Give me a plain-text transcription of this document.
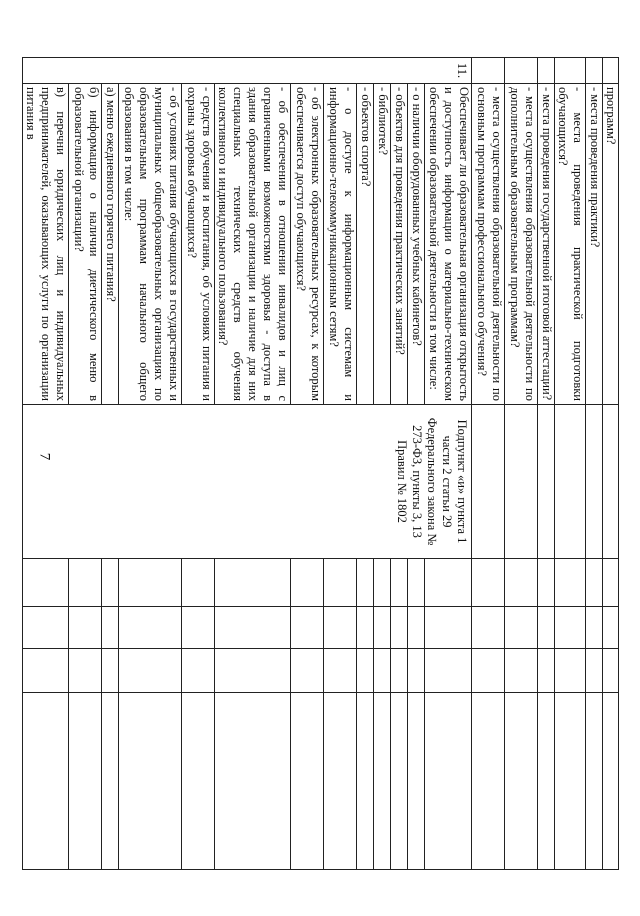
7
	программ?					
	- места проведения практики?					
	- места проведения практической подготовки обучающихся?					
	- места проведения государственной итоговой аттестации?					
	- места осуществления образовательной деятельности по дополнительным образовательным программам?					
	- места осуществления образовательной деятельности по основным программам профессионального обучения?					
11.	Обеспечивает ли образовательная организация открытость и доступность информации о материально-техническом обеспечении образовательной деятельности в том числе:	Подпункт «и» пункта 1 части 2 статьи 29 Федерального закона № 273-ФЗ, пункты 3, 13 Правил № 1802				
	- о наличии оборудованных учебных кабинетов?					
	- объектов для проведения практических занятий?					
	- библиотек?					
	- объектов спорта?					
	- о доступе к информационным системам и информационно-телекоммуникационным сетям?					
	- об электронных образовательных ресурсах, к которым обеспечивается доступ обучающихся?					
	- об обеспечении в отношении инвалидов и лиц с ограниченными возможностями здоровья - доступа в здания образовательной организации и наличие для них специальных технических средств обучения коллективного и индивидуального пользования?					
	- средств обучения и воспитания, об условиях питания и охраны здоровья обучающихся?					
	- об условиях питания обучающихся в государственных и муниципальных общеобразовательных организациях по образовательным программам начального общего образования в том числе:					
	а) меню ежедневного горячего питания?					
	б) информацию о наличии диетического меню в образовательной организации?					
	в) перечни юридических лиц и индивидуальных предпринимателей, оказывающих услуги по организации питания в					
